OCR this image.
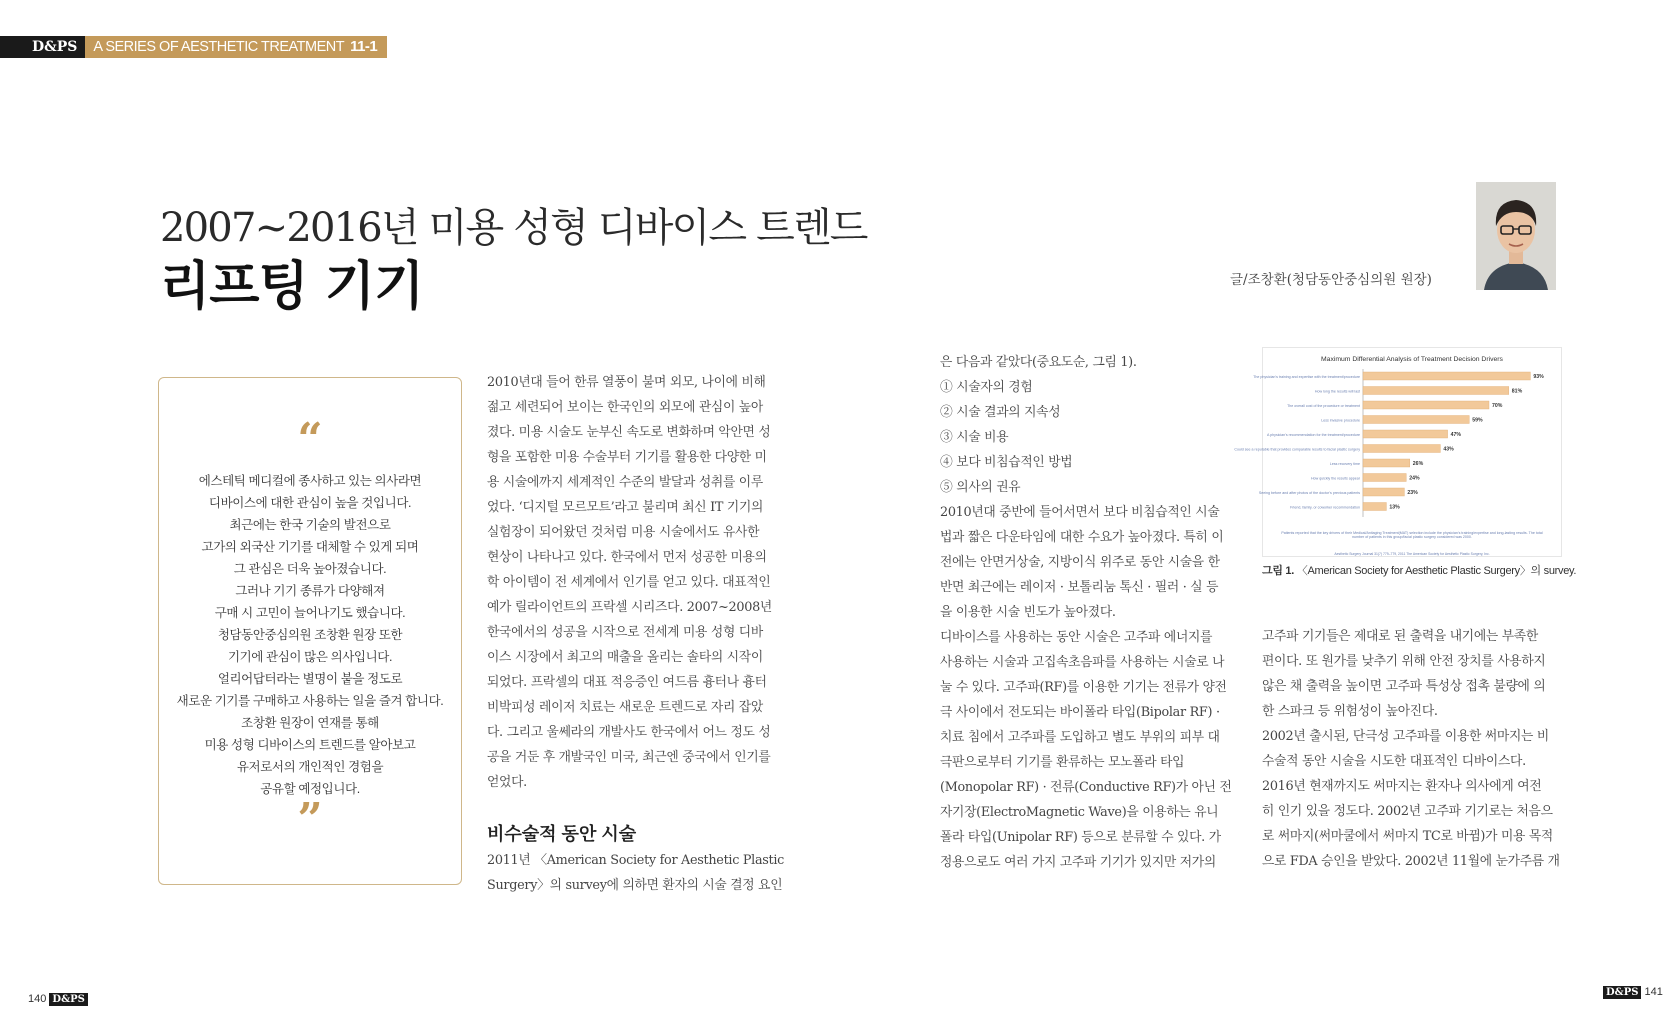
D&PS	A SERIES OF AESTHETIC TREATMENT 11-1
2007~2016년 미용 성형 디바이스 트렌드
리프팅 기기	글/조창환(청담동안중심의원 원장)
“
에스테틱 메디컬에 종사하고 있는 의사라면
디바이스에 대한 관심이 높을 것입니다.
최근에는 한국 기술의 발전으로
고가의 외국산 기기를 대체할 수 있게 되며
그 관심은 더욱 높아졌습니다.
그러나 기기 종류가 다양해져
구매 시 고민이 늘어나기도 했습니다.
청담동안중심의원 조창환 원장 또한
기기에 관심이 많은 의사입니다.
얼리어답터라는 별명이 붙을 정도로
새로운 기기를 구매하고 사용하는 일을 즐겨 합니다.
조창환 원장이 연재를 통해
미용 성형 디바이스의 트렌드를 알아보고
유저로서의 개인적인 경험을
공유할 예정입니다.
”
2010년대 들어 한류 열풍이 불며 외모, 나이에 비해
젊고 세련되어 보이는 한국인의 외모에 관심이 높아
졌다. 미용 시술도 눈부신 속도로 변화하며 악안면 성
형을 포함한 미용 수술부터 기기를 활용한 다양한 미
용 시술에까지 세계적인 수준의 발달과 성취를 이루
었다. ‘디지털 모르모트’라고 불리며 최신 IT 기기의
실험장이 되어왔던 것처럼 미용 시술에서도 유사한
현상이 나타나고 있다. 한국에서 먼저 성공한 미용의
학 아이템이 전 세계에서 인기를 얻고 있다. 대표적인
예가 릴라이언트의 프락셀 시리즈다. 2007~2008년
한국에서의 성공을 시작으로 전세계 미용 성형 디바
이스 시장에서 최고의 매출을 올리는 솔타의 시작이
되었다. 프락셀의 대표 적응증인 여드름 흉터나 흉터
비박피성 레이저 치료는 새로운 트렌드로 자리 잡았
다. 그리고 울쎄라의 개발사도 한국에서 어느 정도 성
공을 거둔 후 개발국인 미국, 최근엔 중국에서 인기를
얻었다.
비수술적 동안 시술
2011년 〈American Society for Aesthetic Plastic
Surgery〉의 survey에 의하면 환자의 시술 결정 요인
은 다음과 같았다(중요도순, 그림 1).
① 시술자의 경험
② 시술 결과의 지속성
③ 시술 비용
④ 보다 비침습적인 방법
⑤ 의사의 권유
2010년대 중반에 들어서면서 보다 비침습적인 시술
법과 짧은 다운타임에 대한 수요가 높아졌다. 특히 이
전에는 안면거상술, 지방이식 위주로 동안 시술을 한
반면 최근에는 레이저 · 보톨리눔 톡신 · 필러 · 실 등
을 이용한 시술 빈도가 높아졌다.
디바이스를 사용하는 동안 시술은 고주파 에너지를
사용하는 시술과 고집속초음파를 사용하는 시술로 나
눌 수 있다. 고주파(RF)를 이용한 기기는 전류가 양전
극 사이에서 전도되는 바이폴라 타입(Bipolar RF) ·
치료 침에서 고주파를 도입하고 별도 부위의 피부 대
극판으로부터 기기를 환류하는 모노폴라 타입
(Monopolar RF) · 전류(Conductive RF)가 아닌 전
자기장(ElectroMagnetic Wave)을 이용하는 유니
폴라 타입(Unipolar RF) 등으로 분류할 수 있다. 가
정용으로도 여러 가지 고주파 기기가 있지만 저가의
Maximum Differential Analysis of Treatment Decision Drivers
The physician’s training and expertise with the treatment/procedure	93%
How long the results will last	81%
The overall cost of the procedure or treatment	70%
Less invasive procedure	59%
A physician’s recommendation for the treatment/procedure	47%
Could see a reputable that provides comparable results to facial plastic surgery	43%
Less recovery time	26%
How quickly the results appear	24%
Seeing before and after photos of the doctor’s previous patients	23%
Friend, family, or coworker recommendation	13%
Patients reported that the key drivers of their Medical/Antiaging Treatment(MAT) selection include the physician’s training/expertise and long-lasting results. The total number of patients in this group/facial plastic surgery considered was 2000.
Aesthetic Surgery Journal 31(7) 779–779, 2011 The American Society for Aesthetic Plastic Surgery, Inc.
그림 1. 〈American Society for Aesthetic Plastic Surgery〉의 survey.
고주파 기기들은 제대로 된 출력을 내기에는 부족한
편이다. 또 원가를 낮추기 위해 안전 장치를 사용하지
않은 채 출력을 높이면 고주파 특성상 접촉 불량에 의
한 스파크 등 위험성이 높아진다.
2002년 출시된, 단극성 고주파를 이용한 써마지는 비
수술적 동안 시술을 시도한 대표적인 디바이스다.
2016년 현재까지도 써마지는 환자나 의사에게 여전
히 인기 있을 정도다. 2002년 고주파 기기로는 처음으
로 써마지(써마쿨에서 써마지 TC로 바뀜)가 미용 목적
으로 FDA 승인을 받았다. 2002년 11월에 눈가주름 개
140 D&PS
D&PS 141
